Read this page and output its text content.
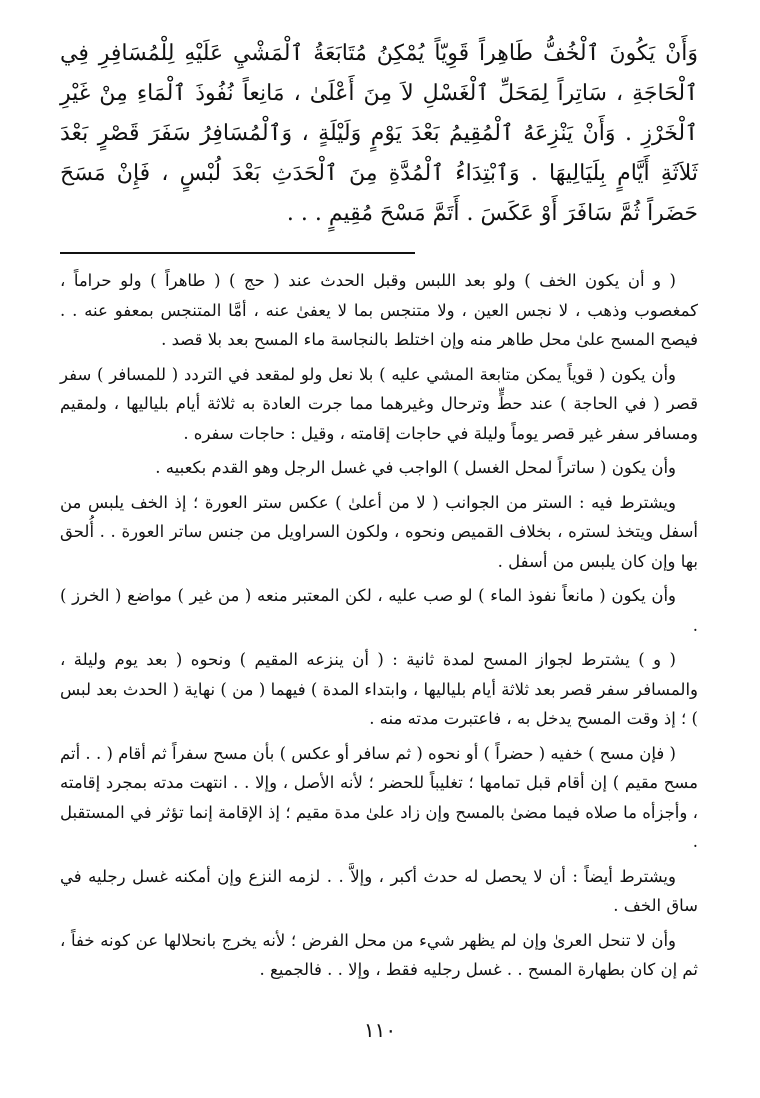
وَأَنْ يَكُونَ ٱلْخُفُّ طَاهِراً قَوِيّاً يُمْكِنُ مُتَابَعَةُ ٱلْمَشْيِ عَلَيْهِ لِلْمُسَافِرِ فِي ٱلْحَاجَةِ ، سَاتِراً لِمَحَلِّ ٱلْغَسْلِ لاَ مِنَ أَعْلَىٰ ، مَانِعاً نُفُوذَ ٱلْمَاءِ مِنْ غَيْرِ ٱلْخَرْزِ . وَأَنْ يَنْزِعَهُ ٱلْمُقِيمُ بَعْدَ يَوْمٍ وَلَيْلَةٍ ، وَٱلْمُسَافِرُ سَفَرَ قَصْرٍ بَعْدَ ثَلاَثَةِ أَيَّامٍ بِلَيَالِيهَا . وَٱبْتِدَاءُ ٱلْمُدَّةِ مِنَ ٱلْحَدَثِ بَعْدَ لُبْسٍ ، فَإِنْ مَسَحَ حَضَراً ثُمَّ سَافَرَ أَوْ عَكَسَ . أَتَمَّ مَسْحَ مُقِيمٍ . . .

( و أن يكون الخف ) ولو بعد اللبس وقبل الحدث عند ( حج ) ( طاهراً ) ولو حراماً ، كمغصوب وذهب ، لا نجس العين ، ولا متنجس بما لا يعفىٰ عنه ، أمَّا المتنجس بمعفو عنه . . فيصح المسح علىٰ محل طاهر منه وإن اختلط بالنجاسة ماء المسح بعد بلا قصد .

وأن يكون ( قوياً يمكن متابعة المشي عليه ) بلا نعل ولو لمقعد في التردد ( للمسافر ) سفر قصر ( في الحاجة ) عند حطٍّ وترحال وغيرهما مما جرت العادة به ثلاثة أيام بلياليها ، ولمقيم ومسافر سفر غير قصر يوماً وليلة في حاجات إقامته ، وقيل : حاجات سفره .

وأن يكون ( ساتراً لمحل الغسل ) الواجب في غسل الرجل وهو القدم بكعبيه .

ويشترط فيه : الستر من الجوانب ( لا من أعلىٰ ) عكس ستر العورة ؛ إذ الخف يلبس من أسفل ويتخذ لستره ، بخلاف القميص ونحوه ، ولكون السراويل من جنس ساتر العورة . . أُلحق بها وإن كان يلبس من أسفل .

وأن يكون ( مانعاً نفوذ الماء ) لو صب عليه ، لكن المعتبر منعه ( من غير ) مواضع ( الخرز ) .

( و ) يشترط لجواز المسح لمدة ثانية : ( أن ينزعه المقيم ) ونحوه ( بعد يوم وليلة ، والمسافر سفر قصر بعد ثلاثة أيام بلياليها ، وابتداء المدة ) فيهما ( من ) نهاية ( الحدث بعد لبس ) ؛ إذ وقت المسح يدخل به ، فاعتبرت مدته منه .

( فإن مسح ) خفيه ( حضراً ) أو نحوه ( ثم سافر أو عكس ) بأن مسح سفراً ثم أقام ( . . أتم مسح مقيم ) إن أقام قبل تمامها ؛ تغليباً للحضر ؛ لأنه الأصل ، وإلا . . انتهت مدته بمجرد إقامته ، وأجزأه ما صلاه فيما مضىٰ بالمسح وإن زاد علىٰ مدة مقيم ؛ إذ الإقامة إنما تؤثر في المستقبل .

ويشترط أيضاً : أن لا يحصل له حدث أكبر ، وإلاَّ . . لزمه النزع وإن أمكنه غسل رجليه في ساق الخف .

وأن لا تنحل العرىٰ وإن لم يظهر شيء من محل الفرض ؛ لأنه يخرج بانحلالها عن كونه خفاً ، ثم إن كان بطهارة المسح . . غسل رجليه فقط ، وإلا . . فالجميع .

١١٠
